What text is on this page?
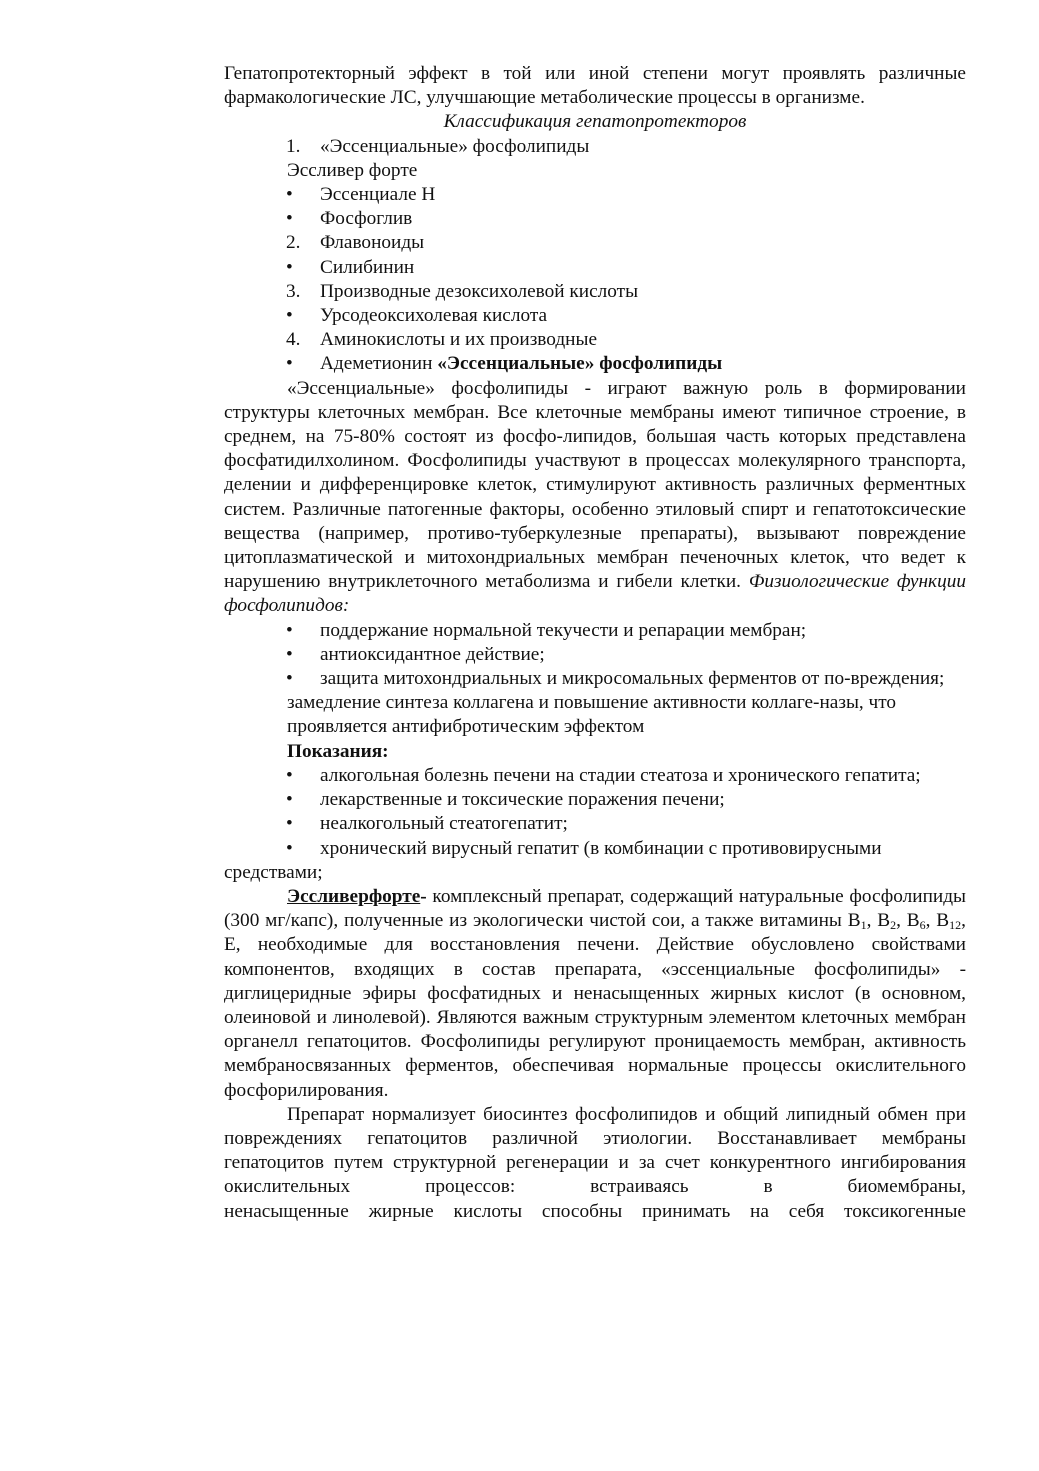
Гепатопротекторный эффект в той или иной степени могут проявлять различные

фармакологические ЛС, улучшающие метаболические процессы в организме.

Классификация гепатопротекторов

1. «Эссенциальные» фосфолипиды

Эссливер форте

• Эссенциале Н

• Фосфоглив

2. Флавоноиды

• Силибинин

3. Производные дезоксихолевой кислоты

• Урсодеоксихолевая кислота

4. Аминокислоты и их производные

• Адеметионин «Эссенциальные» фосфолипиды

«Эссенциальные» фосфолипиды - играют важную роль в формировании структуры клеточных мембран. Все клеточные мембраны имеют типичное строение, в среднем, на 75-80% состоят из фосфо-липидов, большая часть которых представлена фосфатидилхолином. Фосфолипиды участвуют в процессах молекулярного транспорта, делении и дифференцировке клеток, стимулируют активность различных ферментных систем. Различные патогенные факторы, особенно этиловый спирт и гепатотоксические вещества (например, противо-туберкулезные препараты), вызывают повреждение цитоплазматической и митохондриальных мембран печеночных клеток, что ведет к нарушению внутриклеточного метаболизма и гибели клетки. Физиологические функции фосфолипидов:

• поддержание нормальной текучести и репарации мембран;

• антиоксидантное действие;

• защита митохондриальных и микросомальных ферментов от по-вреждения;

замедление синтеза коллагена и повышение активности коллаге-назы, что проявляется антифибротическим эффектом

Показания:

• алкогольная болезнь печени на стадии стеатоза и хронического гепатита;

• лекарственные и токсические поражения печени;

• неалкогольный стеатогепатит;

• хронический вирусный гепатит (в комбинации с противовирусными средствами;

Эссливерфорте- комплексный препарат, содержащий натуральные фосфолипиды (300 мг/капс), полученные из экологически чистой сои, а также витамины $B_1$, $B_2$, $B_6$, $B_{12}$, E, необходимые для восстановления печени. Действие обусловлено свойствами компонентов, входящих в состав препарата, «эссенциальные фосфолипиды» - диглицеридные эфиры фосфатидных и ненасыщенных жирных кислот (в основном, олеиновой и линолевой). Являются важным структурным элементом клеточных мембран органелл гепатоцитов. Фосфолипиды регулируют проницаемость мембран, активность мембраносвязанных ферментов, обеспечивая нормальные процессы окислительного фосфорилирования.

Препарат нормализует биосинтез фосфолипидов и общий липидный обмен при повреждениях гепатоцитов различной этиологии. Восстанавливает мембраны гепатоцитов путем структурной регенерации и за счет конкурентного ингибирования окислительных процессов: встраиваясь в биомембраны,

ненасыщенные жирные кислоты способны принимать на себя токсикогенные
